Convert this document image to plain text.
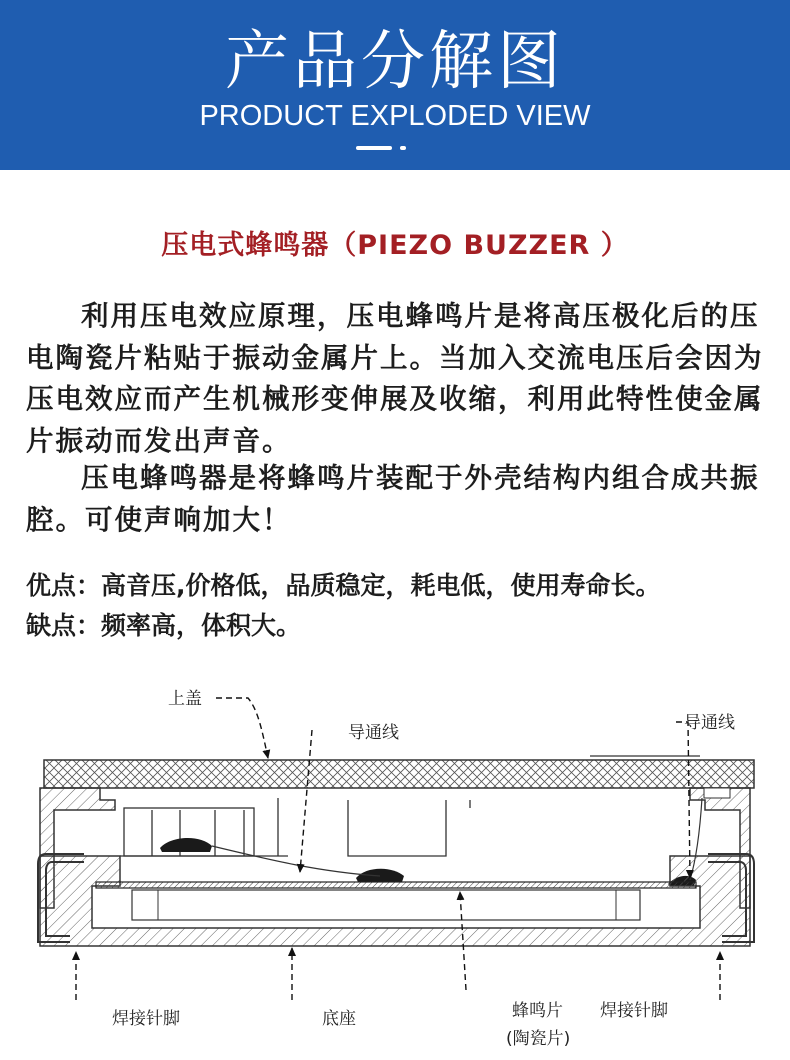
产品分解图
PRODUCT EXPLODED VIEW
压电式蜂鸣器（PIEZO BUZZER ）

利用压电效应原理，压电蜂鸣片是将高压极化后的压电陶瓷片粘贴于振动金属片上。当加入交流电压后会因为压电效应而产生机械形变伸展及收缩，利用此特性使金属片振动而发出声音。

压电蜂鸣器是将蜂鸣片装配于外壳结构内组合成共振腔。可使声响加大！

优点：高音压,价格低，品质稳定，耗电低，使用寿命长。
缺点：频率高，体积大。
上盖
导通线	导通线
焊接针脚	底座	蜂鸣片
(陶瓷片)
焊接针脚
